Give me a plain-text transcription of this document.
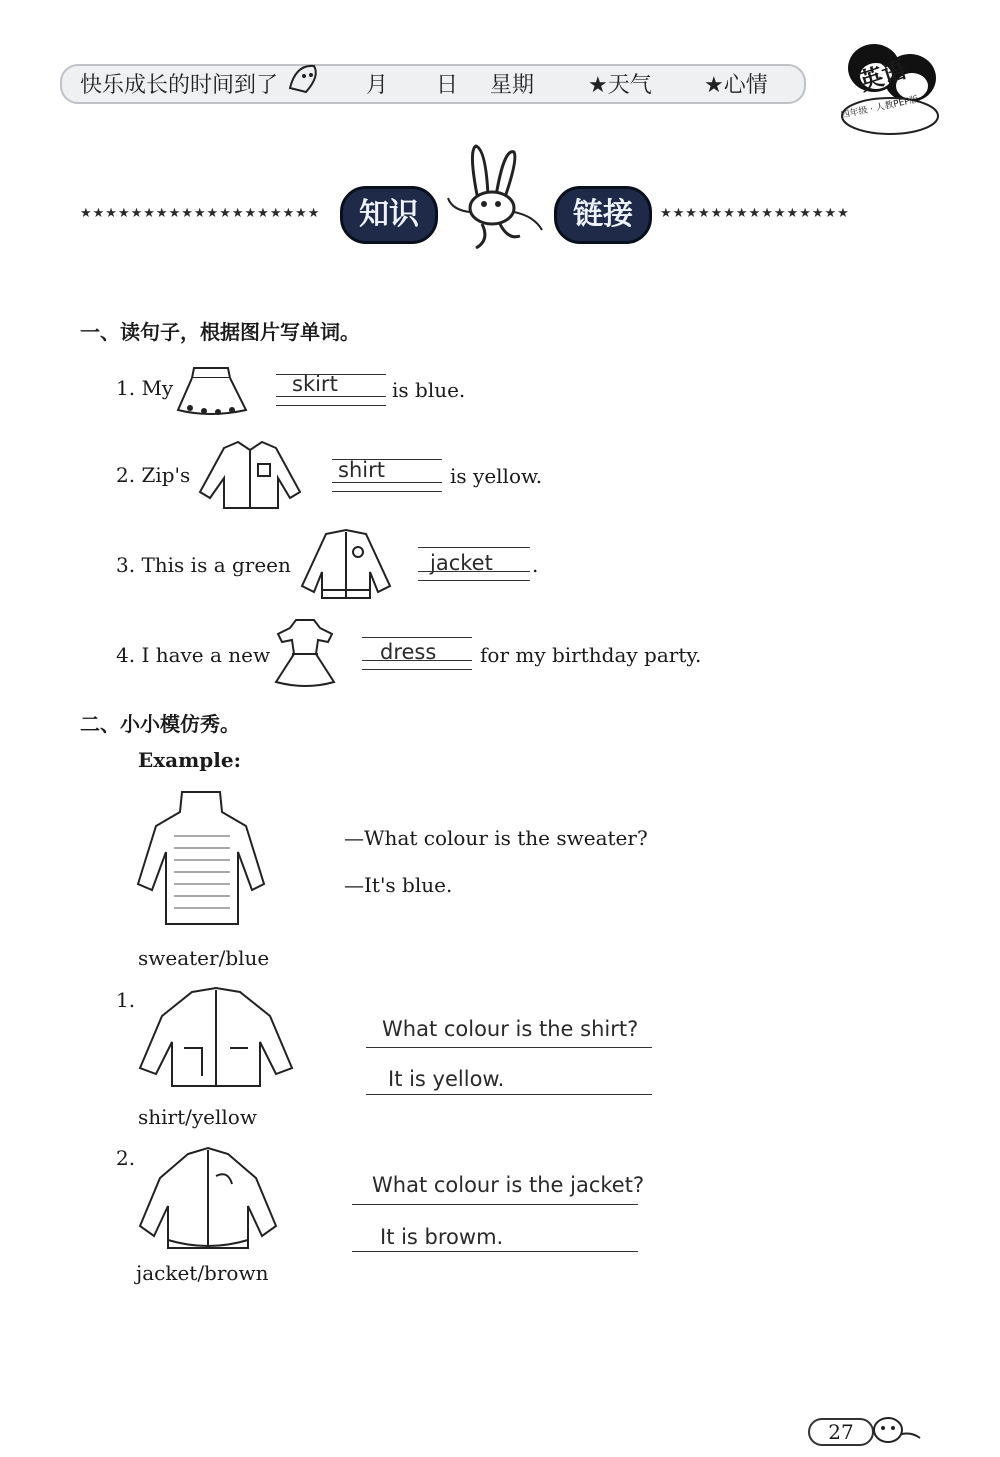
快乐成长的时间到了	月 日 星期 ★天气 ★心情	英语
四年级 · 人教PEP版
★★★★★★★★★★★★★★★★★★★	知识	链接	★★★★★★★★★★★★★★★
一、读句子，根据图片写单词。
1. My	skirt	is blue.
2. Zip's	shirt	is yellow.
3. This is a green	jacket .
4. I have a new	dress for my birthday party.
二、小小模仿秀。
Example:
—What colour is the sweater?
—It's blue.
sweater/blue
1.
What colour is the shirt?
It is yellow.
shirt/yellow
2.
What colour is the jacket?
It is browm.
jacket/brown
27
